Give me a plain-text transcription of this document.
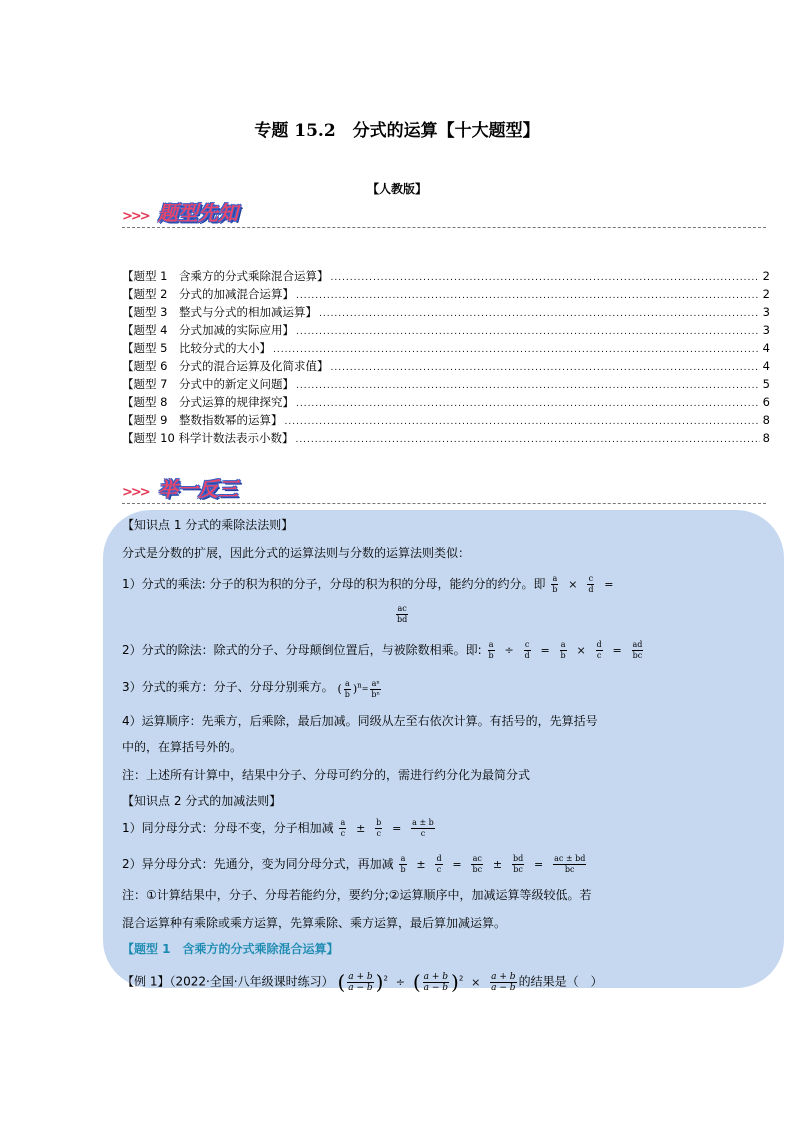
专题 15.2　分式的运算【十大题型】
【人教版】
>>> 题型先知
【题型 1　含乘方的分式乘除混合运算】 .....	2
【题型 2　分式的加减混合运算】 .....	2
【题型 3　整式与分式的相加减运算】 .....	3
【题型 4　分式加减的实际应用】 .....	3
【题型 5　比较分式的大小】 .....	4
【题型 6　分式的混合运算及化简求值】 .....	4
【题型 7　分式中的新定义问题】 .....	5
【题型 8　分式运算的规律探究】 .....	6
【题型 9　整数指数幂的运算】 .....	8
【题型 10 科学计数法表示小数】 .....	8
>>> 举一反三
【知识点 1 分式的乘除法法则】
分式是分数的扩展，因此分式的运算法则与分数的运算法则类似：
1）分式的乘法: 分子的积为积的分子，分母的积为积的分母，能约分的约分。即 $\frac{a}{b} \times \frac{c}{d}$ =
$\frac{ac}{bd}$
2）分式的除法：除式的分子、分母颠倒位置后，与被除数相乘。即: $\frac{a}{b} \div \frac{c}{d} = \frac{a}{b} \times \frac{d}{c} = \frac{ad}{bc}$
3）分式的乘方：分子、分母分别乘方。 ( $\frac{a}{b} )^n= \frac{\text{aⁿ}}{\text{bⁿ}}$
4）运算顺序：先乘方，后乘除，最后加减。同级从左至右依次计算。有括号的，先算括号
中的，在算括号外的。
注：上述所有计算中，结果中分子、分母可约分的，需进行约分化为最简分式
【知识点 2 分式的加减法则】
1）同分母分式：分母不变，分子相加减 $\frac{a}{c} \pm \frac{b}{c} = \frac{a \pm b}{c}$
2）异分母分式：先通分，变为同分母分式，再加减 $\frac{a}{b} \pm \frac{d}{c} = \frac{ac}{bc} \pm \frac{bd}{bc} = \frac{ac \pm bd}{bc}$
注：①计算结果中，分子、分母若能约分，要约分;②运算顺序中，加减运算等级较低。若
混合运算种有乘除或乘方运算，先算乘除、乘方运算，最后算加减运算。
【题型 1　含乘方的分式乘除混合运算】
【例 1】（2022·全国·八年级课时练习） ( $\frac{a + b}{a - b} )^2$ ÷ ( $\frac{a + b}{a - b} )^2 \times \frac{a + b}{a - b}$ 的结果是（　）
